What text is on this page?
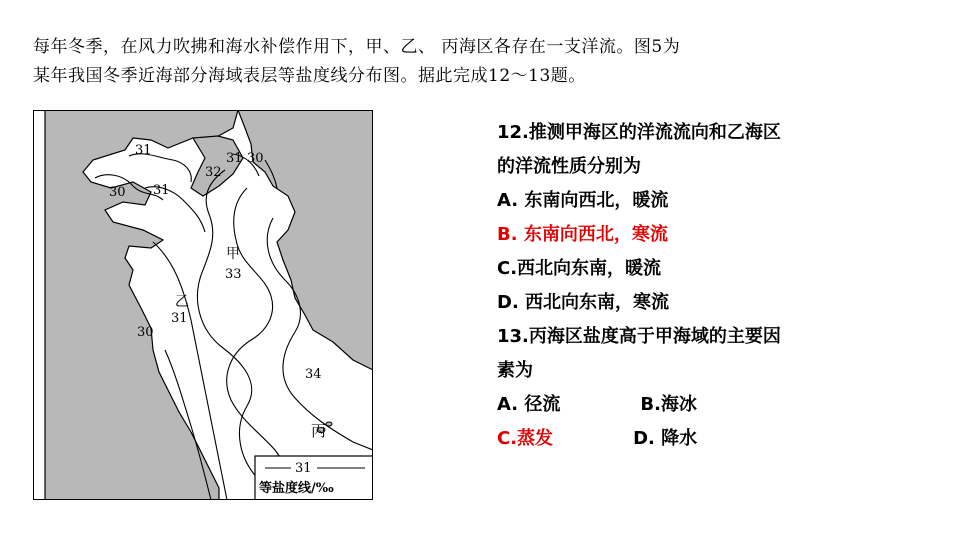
每年冬季，在风力吹拂和海水补偿作用下，甲、乙、 丙海区各存在一支洋流。图5为
某年我国冬季近海部分海域表层等盐度线分布图。据此完成12～13题。
31
31 30
31
30
32
甲
33
乙
31
30
34
丙
31
等盐度线/‰
12.推测甲海区的洋流流向和乙海区
的洋流性质分别为
A. 东南向西北，暖流
B. 东南向西北，寒流
C.西北向东南，暖流
D. 西北向东南，寒流
13.丙海区盐度高于甲海域的主要因
素为
A. 径流	B.海冰
C.蒸发	D. 降水
